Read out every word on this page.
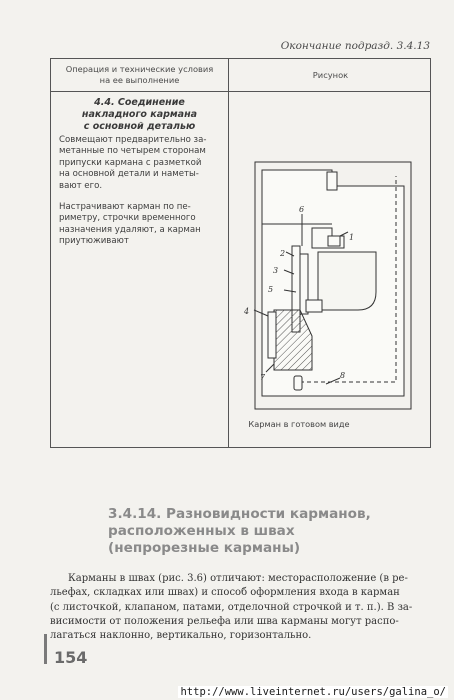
Окончание подразд. 3.4.13
Операция и технические условия на ее выполнение
Рисунок
4.4. Соединение
накладного кармана
с основной деталью
Совмещают предварительно за-
метанные по четырем сторонам
припуски кармана с разметкой
на основной детали и наметы-
вают его.
Настрачивают карман по пе-
риметру, строчки временного
назначения удаляют, а карман
приутюживают	1
2
3
4
5
6
7	8
Карман в готовом виде
3.4.14. Разновидности карманов,
расположенных в швах
(непрорезные карманы)
Карманы в швах (рис. 3.6) отличают: месторасположение (в ре-
льефах, складках или швах) и способ оформления входа в карман
(с листочкой, клапаном, патами, отделочной строчкой и т. п.). В за-
висимости от положения рельефа или шва карманы могут распо-
лагаться наклонно, вертикально, горизонтально.
154
http://www.liveinternet.ru/users/galina_o/
